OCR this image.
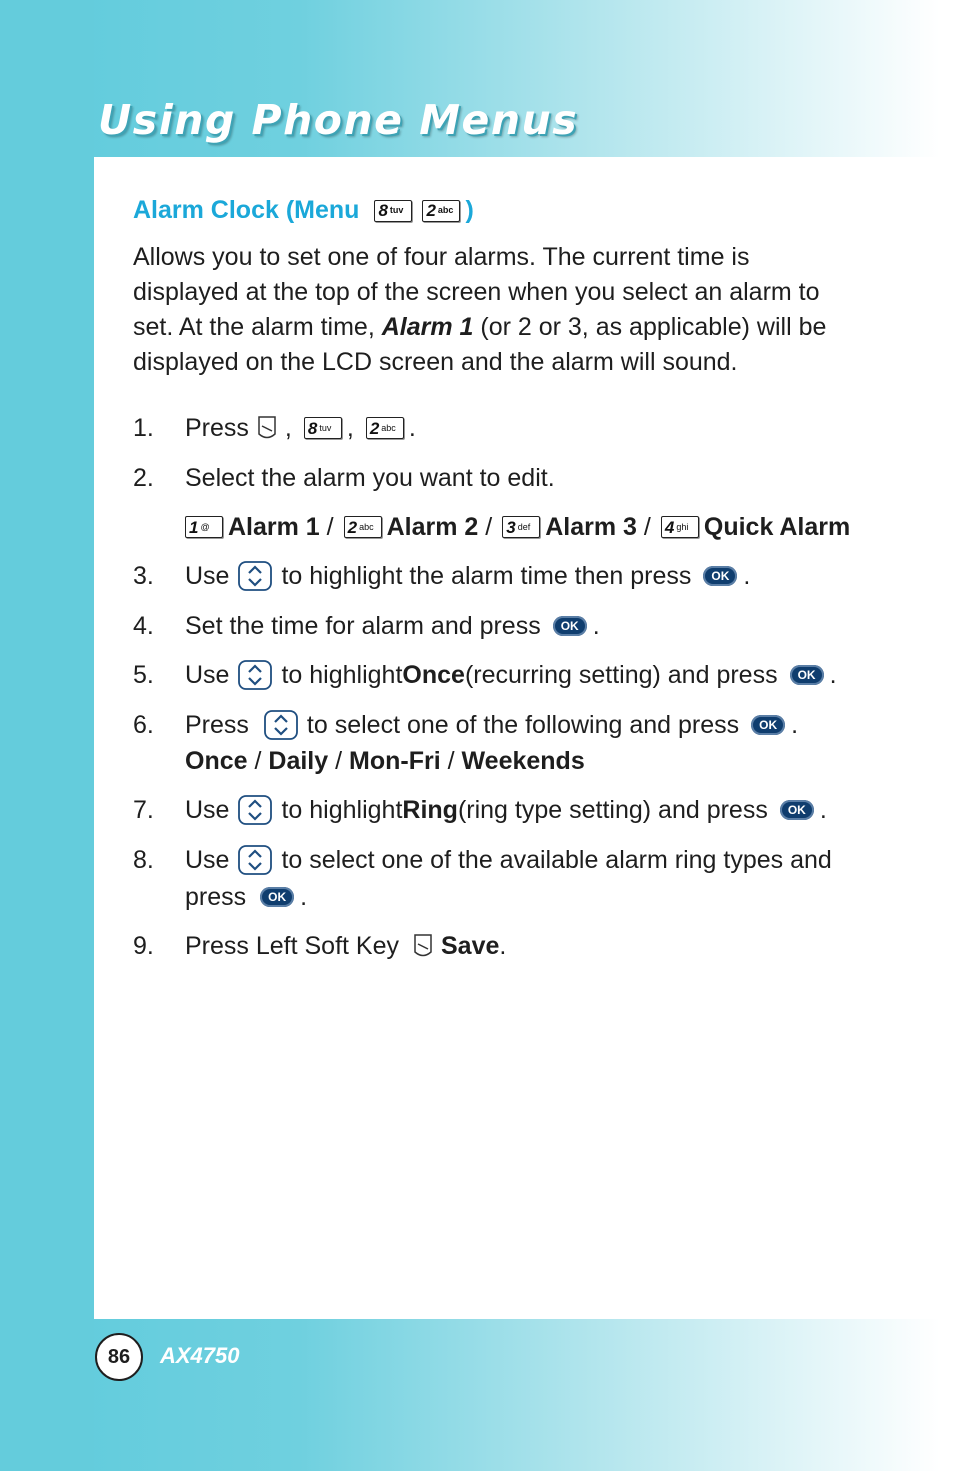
Using Phone Menus
Alarm Clock (Menu 8 tuv 2 abc )

Allows you to set one of four alarms. The current time is displayed at the top of the screen when you select an alarm to set. At the alarm time, Alarm 1 (or 2 or 3, as applicable) will be displayed on the LCD screen and the alarm will sound.

1.	Press , 8 tuv , 2 abc .
2.	Select the alarm you want to edit.
1 @ Alarm 1
/ 2 abc Alarm 2
/ 3 def Alarm 3
/ 4 ghi Quick Alarm
3.	Use to highlight the alarm time then press	OK .
4.	Set the time for alarm and press	OK .
5.	Use to highlight Once (recurring setting) and press	OK .
6.	Press to select one of the following and press	OK .
Once
/
Daily
/
Mon-Fri
/
Weekends
7.	Use to highlight Ring (ring type setting) and press	OK .
8.	Use to select one of the available alarm ring types and
press	OK .
9.	Press Left Soft Key Save .
86	AX4750
